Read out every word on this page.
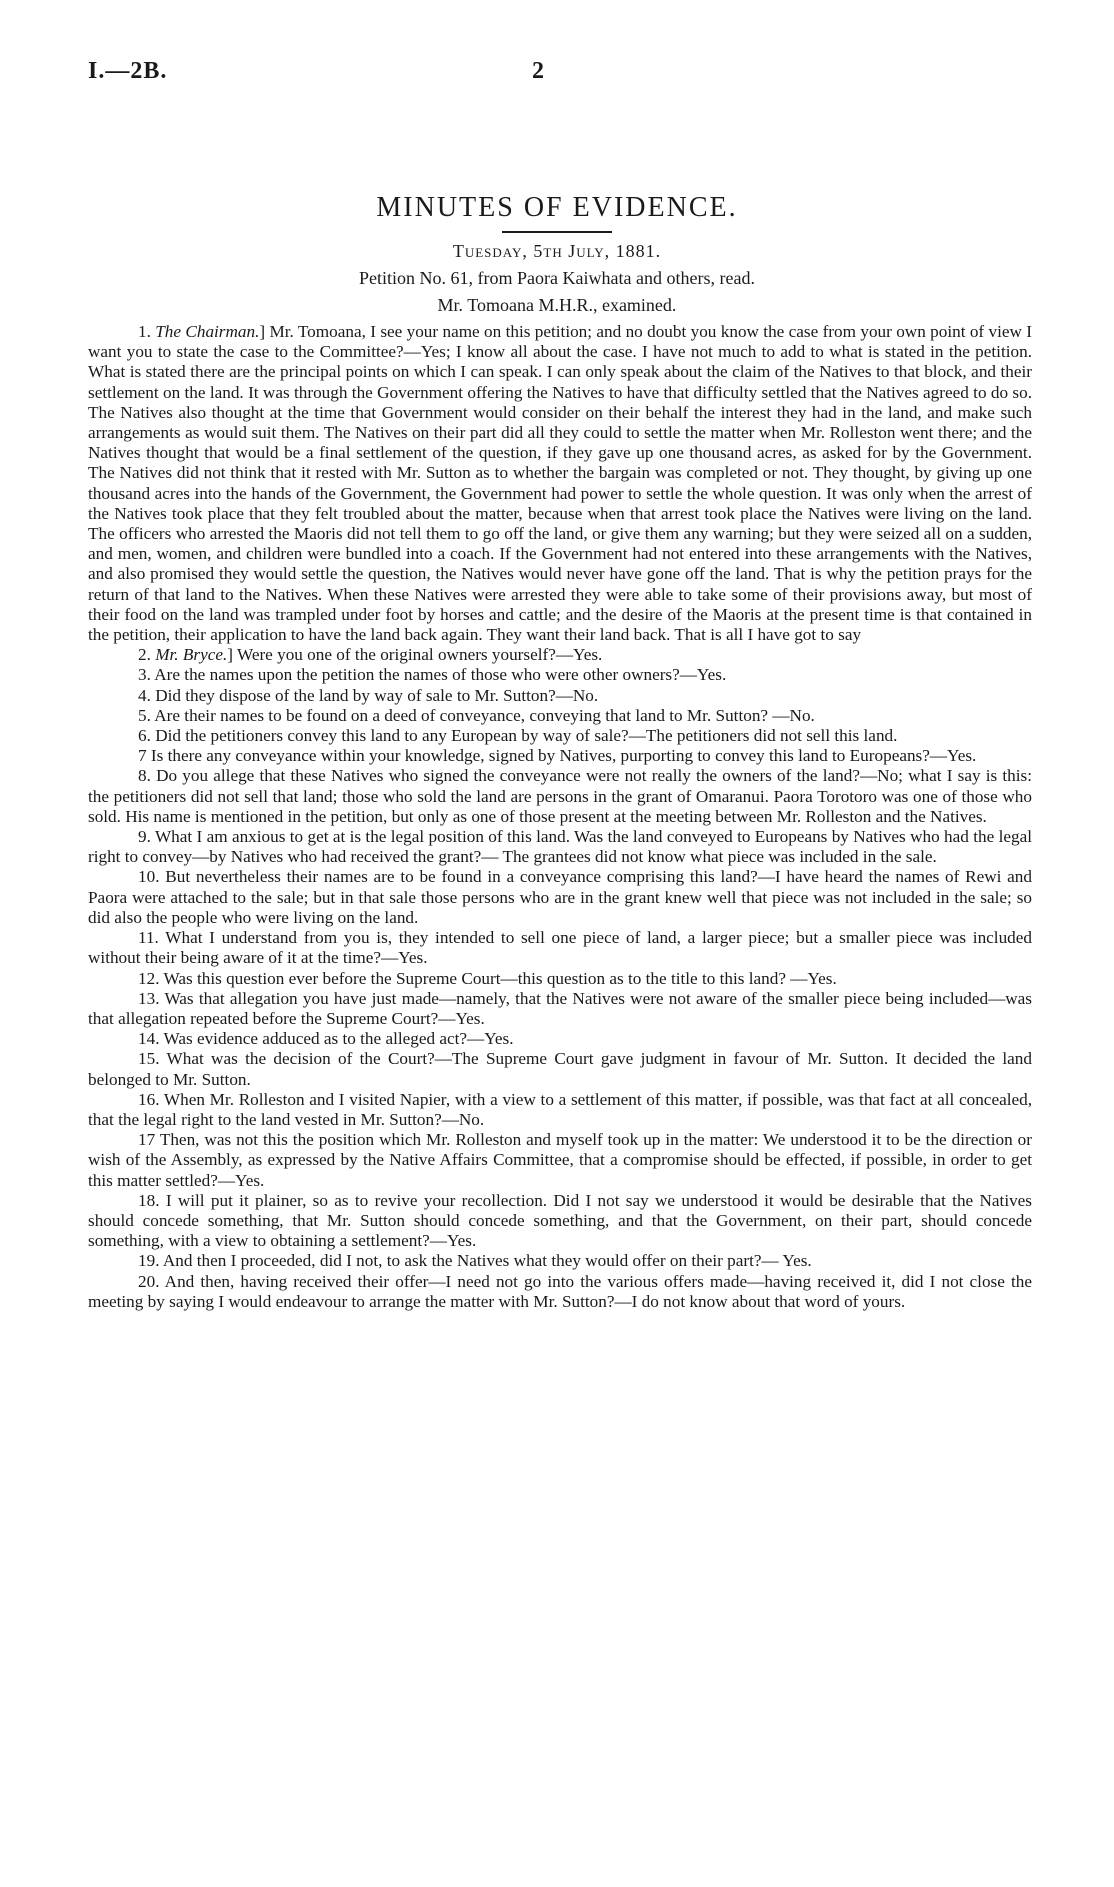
I.—2B.	2
MINUTES OF EVIDENCE.
Tuesday, 5th July, 1881.
Petition No. 61, from Paora Kaiwhata and others, read.
Mr. Tomoana M.H.R., examined.

1. The Chairman.] Mr. Tomoana, I see your name on this petition; and no doubt you know the case from your own point of view I want you to state the case to the Committee?—Yes; I know all about the case. I have not much to add to what is stated in the petition. What is stated there are the principal points on which I can speak. I can only speak about the claim of the Natives to that block, and their settlement on the land. It was through the Government offering the Natives to have that difficulty settled that the Natives agreed to do so. The Natives also thought at the time that Government would consider on their behalf the interest they had in the land, and make such arrangements as would suit them. The Natives on their part did all they could to settle the matter when Mr. Rolleston went there; and the Natives thought that would be a final settlement of the question, if they gave up one thousand acres, as asked for by the Government. The Natives did not think that it rested with Mr. Sutton as to whether the bargain was completed or not. They thought, by giving up one thousand acres into the hands of the Government, the Government had power to settle the whole question. It was only when the arrest of the Natives took place that they felt troubled about the matter, because when that arrest took place the Natives were living on the land. The officers who arrested the Maoris did not tell them to go off the land, or give them any warning; but they were seized all on a sudden, and men, women, and children were bundled into a coach. If the Government had not entered into these arrangements with the Natives, and also promised they would settle the question, the Natives would never have gone off the land. That is why the petition prays for the return of that land to the Natives. When these Natives were arrested they were able to take some of their provisions away, but most of their food on the land was trampled under foot by horses and cattle; and the desire of the Maoris at the present time is that contained in the petition, their application to have the land back again. They want their land back. That is all I have got to say

2. Mr. Bryce.] Were you one of the original owners yourself?—Yes.

3. Are the names upon the petition the names of those who were other owners?—Yes.

4. Did they dispose of the land by way of sale to Mr. Sutton?—No.

5. Are their names to be found on a deed of conveyance, conveying that land to Mr. Sutton? —No.

6. Did the petitioners convey this land to any European by way of sale?—The petitioners did not sell this land.

7 Is there any conveyance within your knowledge, signed by Natives, purporting to convey this land to Europeans?—Yes.

8. Do you allege that these Natives who signed the conveyance were not really the owners of the land?—No; what I say is this: the petitioners did not sell that land; those who sold the land are persons in the grant of Omaranui. Paora Torotoro was one of those who sold. His name is mentioned in the petition, but only as one of those present at the meeting between Mr. Rolleston and the Natives.

9. What I am anxious to get at is the legal position of this land. Was the land conveyed to Europeans by Natives who had the legal right to convey—by Natives who had received the grant?— The grantees did not know what piece was included in the sale.

10. But nevertheless their names are to be found in a conveyance comprising this land?—I have heard the names of Rewi and Paora were attached to the sale; but in that sale those persons who are in the grant knew well that piece was not included in the sale; so did also the people who were living on the land.

11. What I understand from you is, they intended to sell one piece of land, a larger piece; but a smaller piece was included without their being aware of it at the time?—Yes.

12. Was this question ever before the Supreme Court—this question as to the title to this land? —Yes.

13. Was that allegation you have just made—namely, that the Natives were not aware of the smaller piece being included—was that allegation repeated before the Supreme Court?—Yes.

14. Was evidence adduced as to the alleged act?—Yes.

15. What was the decision of the Court?—The Supreme Court gave judgment in favour of Mr. Sutton. It decided the land belonged to Mr. Sutton.

16. When Mr. Rolleston and I visited Napier, with a view to a settlement of this matter, if possible, was that fact at all concealed, that the legal right to the land vested in Mr. Sutton?—No.

17 Then, was not this the position which Mr. Rolleston and myself took up in the matter: We understood it to be the direction or wish of the Assembly, as expressed by the Native Affairs Committee, that a compromise should be effected, if possible, in order to get this matter settled?—Yes.

18. I will put it plainer, so as to revive your recollection. Did I not say we understood it would be desirable that the Natives should concede something, that Mr. Sutton should concede something, and that the Government, on their part, should concede something, with a view to obtaining a settlement?—Yes.

19. And then I proceeded, did I not, to ask the Natives what they would offer on their part?— Yes.

20. And then, having received their offer—I need not go into the various offers made—having received it, did I not close the meeting by saying I would endeavour to arrange the matter with Mr. Sutton?—I do not know about that word of yours.
